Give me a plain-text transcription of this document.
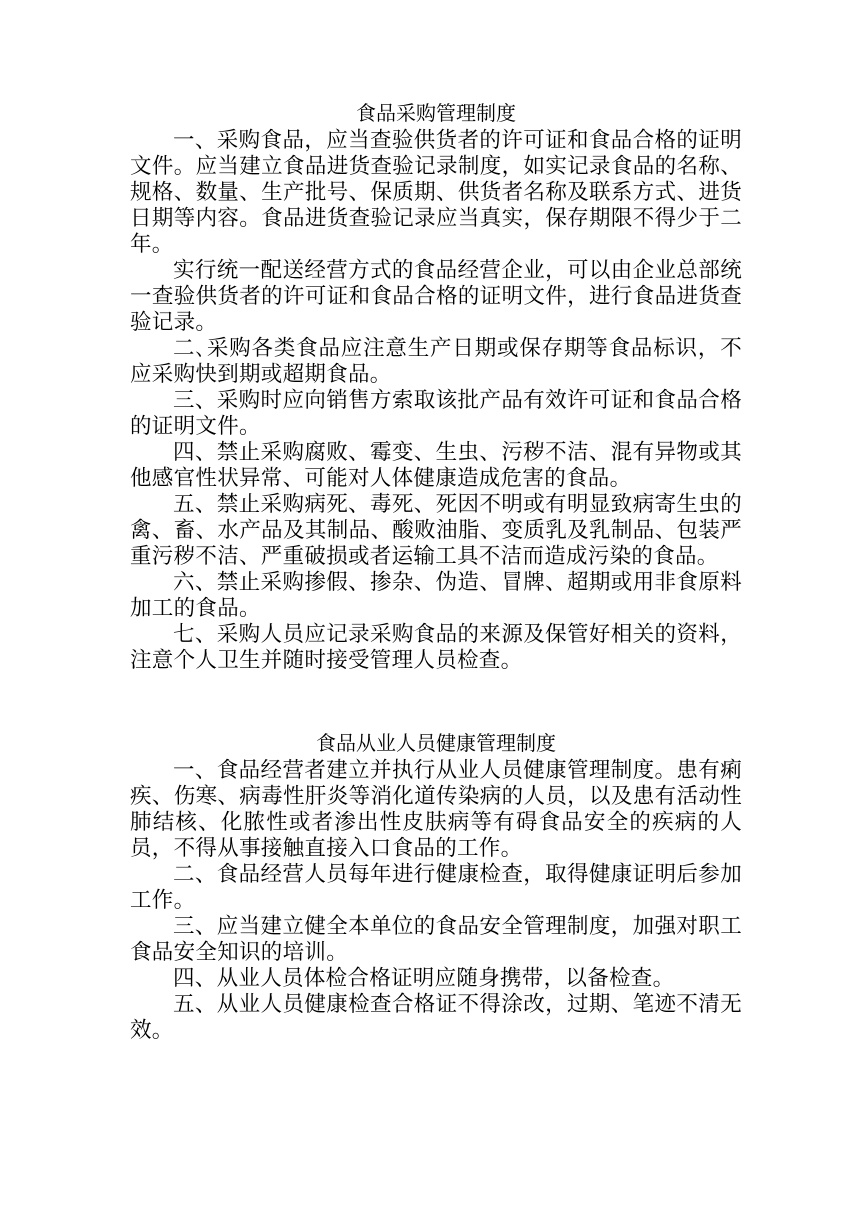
食品采购管理制度

一、采购食品，应当查验供货者的许可证和食品合格的证明文件。应当建立食品进货查验记录制度，如实记录食品的名称、规格、数量、生产批号、保质期、供货者名称及联系方式、进货日期等内容。食品进货查验记录应当真实，保存期限不得少于二年。

实行统一配送经营方式的食品经营企业，可以由企业总部统一查验供货者的许可证和食品合格的证明文件，进行食品进货查验记录。

二､采购各类食品应注意生产日期或保存期等食品标识，不应采购快到期或超期食品。

三、采购时应向销售方索取该批产品有效许可证和食品合格的证明文件。

四、禁止采购腐败、霉变、生虫、污秽不洁、混有异物或其他感官性状异常、可能对人体健康造成危害的食品。

五、禁止采购病死、毒死、死因不明或有明显致病寄生虫的禽、畜、水产品及其制品、酸败油脂、变质乳及乳制品、包装严重污秽不洁、严重破损或者运输工具不洁而造成污染的食品。

六、禁止采购掺假、掺杂、伪造、冒牌、超期或用非食原料加工的食品。

七、采购人员应记录采购食品的来源及保管好相关的资料，注意个人卫生并随时接受管理人员检查。

食品从业人员健康管理制度

一、食品经营者建立并执行从业人员健康管理制度。患有痢疾、伤寒、病毒性肝炎等消化道传染病的人员，以及患有活动性肺结核、化脓性或者渗出性皮肤病等有碍食品安全的疾病的人员，不得从事接触直接入口食品的工作。

二、食品经营人员每年进行健康检查，取得健康证明后参加工作。

三、应当建立健全本单位的食品安全管理制度，加强对职工食品安全知识的培训。

四、从业人员体检合格证明应随身携带，以备检查。

五、从业人员健康检查合格证不得涂改，过期、笔迹不清无效。
